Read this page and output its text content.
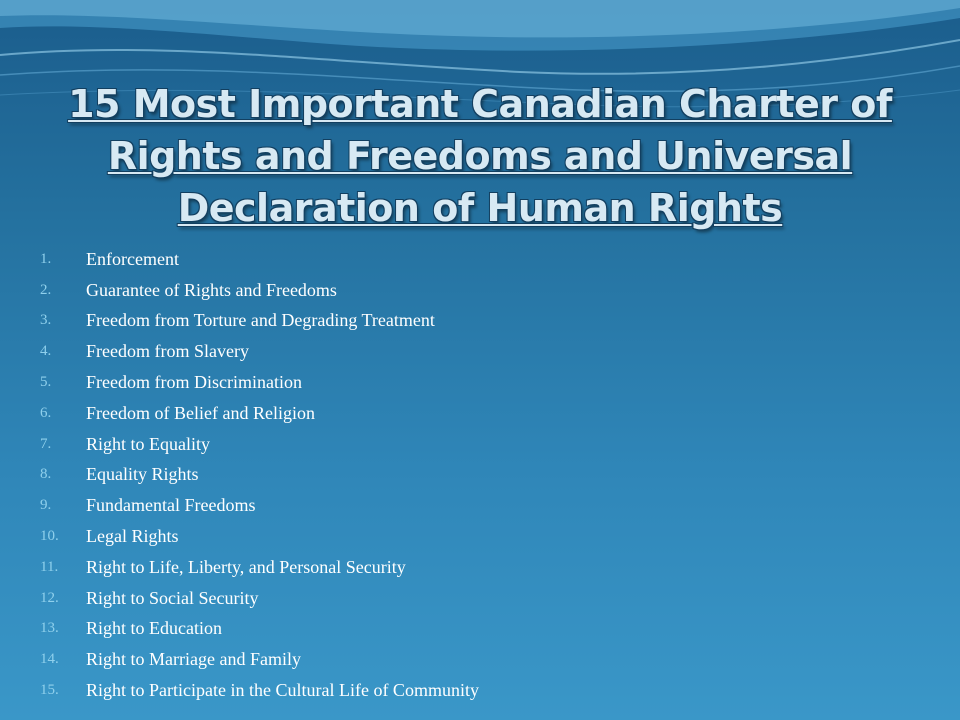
15 Most Important Canadian Charter of Rights and Freedoms and Universal Declaration of Human Rights
1.	Enforcement
2.	Guarantee of Rights and Freedoms
3.	Freedom from Torture and Degrading Treatment
4.	Freedom from Slavery
5.	Freedom from Discrimination
6.	Freedom of Belief and Religion
7.	Right to Equality
8.	Equality Rights
9.	Fundamental Freedoms
10.	Legal Rights
11.	Right to Life, Liberty, and Personal Security
12.	Right to Social Security
13.	Right to Education
14.	Right to Marriage and Family
15.	Right to Participate in the Cultural Life of Community
